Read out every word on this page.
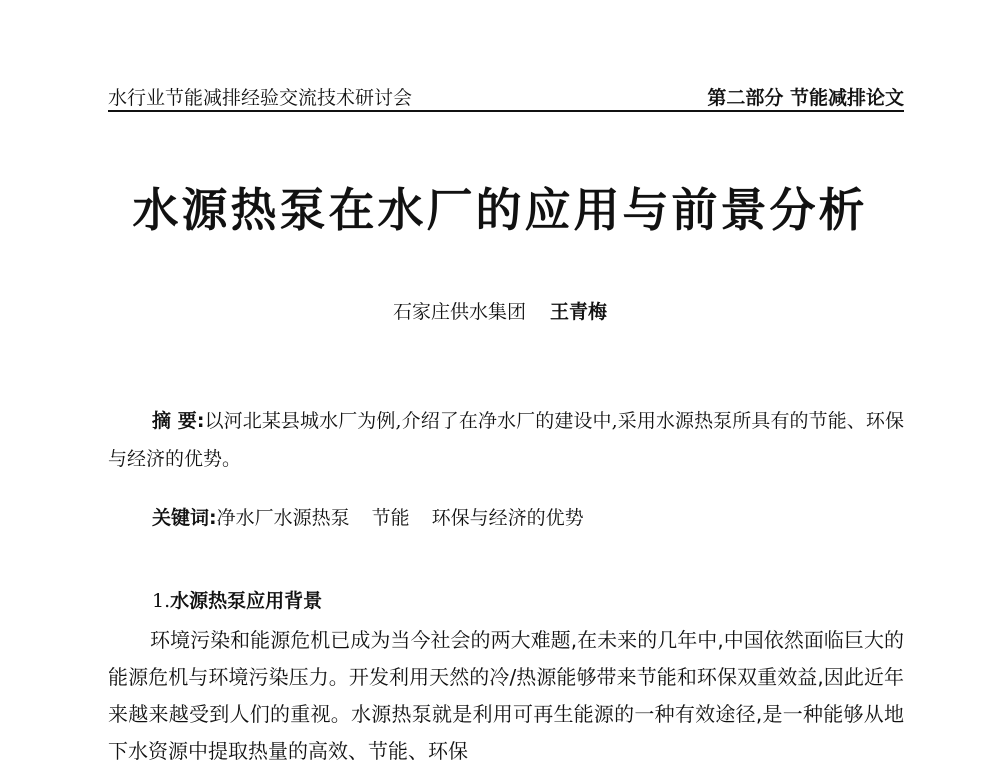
水行业节能减排经验交流技术研讨会	第二部分 节能减排论文
水源热泵在水厂的应用与前景分析
石家庄供水集团 王青梅

摘 要:以河北某县城水厂为例,介绍了在净水厂的建设中,采用水源热泵所具有的节能、环保与经济的优势。

关键词:净水厂水源热泵 节能 环保与经济的优势
1.水源热泵应用背景

环境污染和能源危机已成为当今社会的两大难题,在未来的几年中,中国依然面临巨大的能源危机与环境污染压力。开发利用天然的冷/热源能够带来节能和环保双重效益,因此近年来越来越受到人们的重视。水源热泵就是利用可再生能源的一种有效途径,是一种能够从地下水资源中提取热量的高效、节能、环保
